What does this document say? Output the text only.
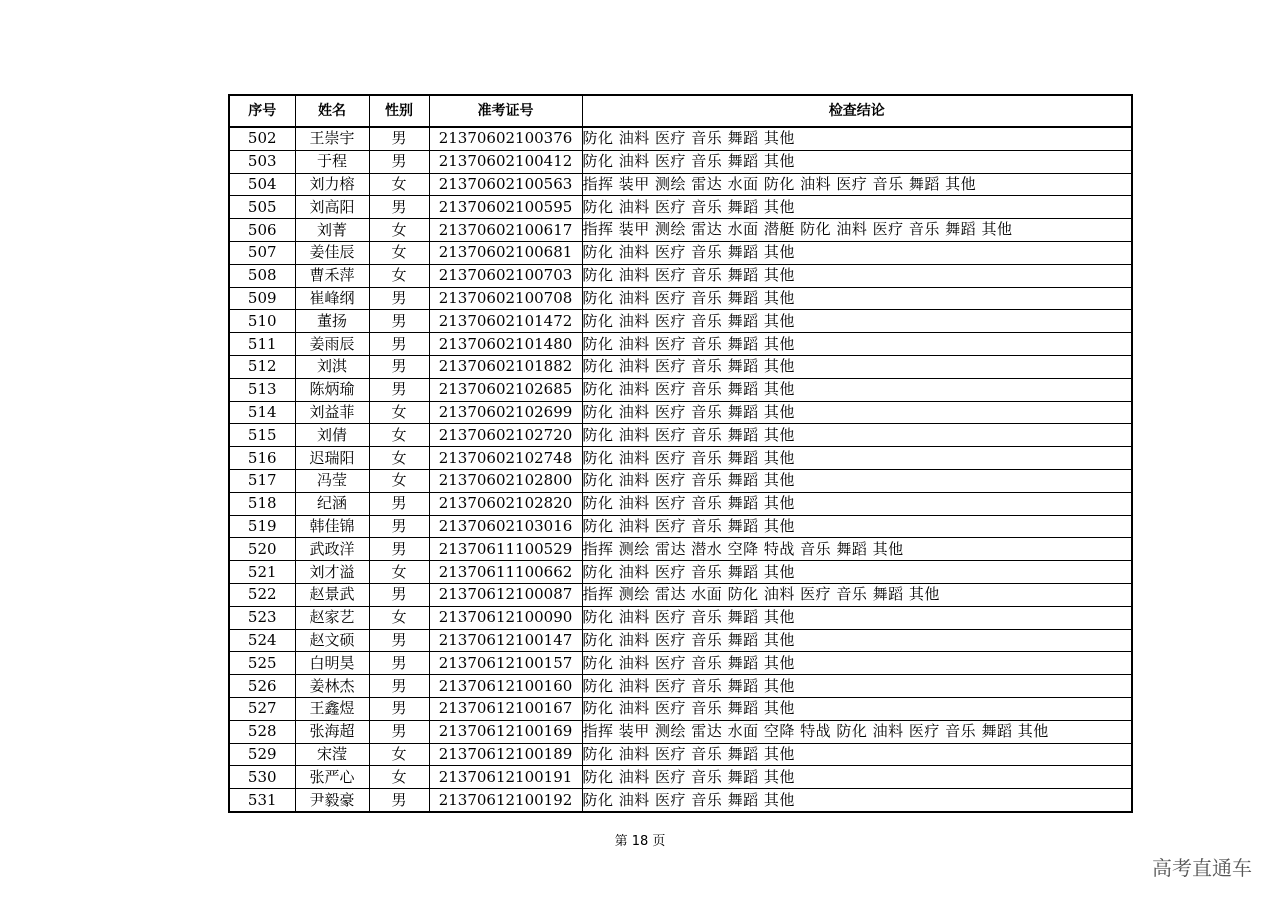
序号	姓名	性别	准考证号	检查结论
502	王崇宇	男	21370602100376	防化 油料 医疗 音乐 舞蹈 其他
503	于程	男	21370602100412	防化 油料 医疗 音乐 舞蹈 其他
504	刘力榕	女	21370602100563	指挥 装甲 测绘 雷达 水面 防化 油料 医疗 音乐 舞蹈 其他
505	刘高阳	男	21370602100595	防化 油料 医疗 音乐 舞蹈 其他
506	刘菁	女	21370602100617	指挥 装甲 测绘 雷达 水面 潜艇 防化 油料 医疗 音乐 舞蹈 其他
507	姜佳辰	女	21370602100681	防化 油料 医疗 音乐 舞蹈 其他
508	曹禾萍	女	21370602100703	防化 油料 医疗 音乐 舞蹈 其他
509	崔峰纲	男	21370602100708	防化 油料 医疗 音乐 舞蹈 其他
510	董扬	男	21370602101472	防化 油料 医疗 音乐 舞蹈 其他
511	姜雨辰	男	21370602101480	防化 油料 医疗 音乐 舞蹈 其他
512	刘淇	男	21370602101882	防化 油料 医疗 音乐 舞蹈 其他
513	陈炳瑜	男	21370602102685	防化 油料 医疗 音乐 舞蹈 其他
514	刘益菲	女	21370602102699	防化 油料 医疗 音乐 舞蹈 其他
515	刘倩	女	21370602102720	防化 油料 医疗 音乐 舞蹈 其他
516	迟瑞阳	女	21370602102748	防化 油料 医疗 音乐 舞蹈 其他
517	冯莹	女	21370602102800	防化 油料 医疗 音乐 舞蹈 其他
518	纪涵	男	21370602102820	防化 油料 医疗 音乐 舞蹈 其他
519	韩佳锦	男	21370602103016	防化 油料 医疗 音乐 舞蹈 其他
520	武政洋	男	21370611100529	指挥 测绘 雷达 潜水 空降 特战 音乐 舞蹈 其他
521	刘才溢	女	21370611100662	防化 油料 医疗 音乐 舞蹈 其他
522	赵景武	男	21370612100087	指挥 测绘 雷达 水面 防化 油料 医疗 音乐 舞蹈 其他
523	赵家艺	女	21370612100090	防化 油料 医疗 音乐 舞蹈 其他
524	赵文硕	男	21370612100147	防化 油料 医疗 音乐 舞蹈 其他
525	白明昊	男	21370612100157	防化 油料 医疗 音乐 舞蹈 其他
526	姜林杰	男	21370612100160	防化 油料 医疗 音乐 舞蹈 其他
527	王鑫煜	男	21370612100167	防化 油料 医疗 音乐 舞蹈 其他
528	张海超	男	21370612100169	指挥 装甲 测绘 雷达 水面 空降 特战 防化 油料 医疗 音乐 舞蹈 其他
529	宋滢	女	21370612100189	防化 油料 医疗 音乐 舞蹈 其他
530	张严心	女	21370612100191	防化 油料 医疗 音乐 舞蹈 其他
531	尹毅豪	男	21370612100192	防化 油料 医疗 音乐 舞蹈 其他
第 18 页
高考直通车
